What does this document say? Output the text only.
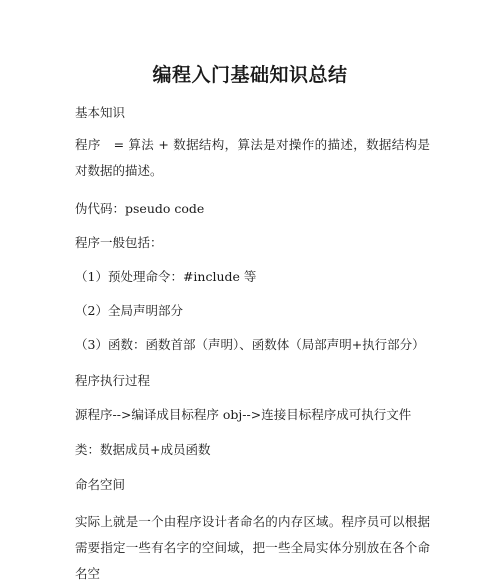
编程入门基础知识总结
基本知识
程序　= 算法 + 数据结构，算法是对操作的描述，数据结构是对数据的描述。
伪代码：pseudo code
程序一般包括：
（1）预处理命令：#include 等
（2）全局声明部分
（3）函数：函数首部（声明）、函数体（局部声明+执行部分）
程序执行过程
源程序-->编译成目标程序 obj-->连接目标程序成可执行文件
类：数据成员+成员函数
命名空间
实际上就是一个由程序设计者命名的内存区域。程序员可以根据需要指定一些有名字的空间域，把一些全局实体分别放在各个命名空
